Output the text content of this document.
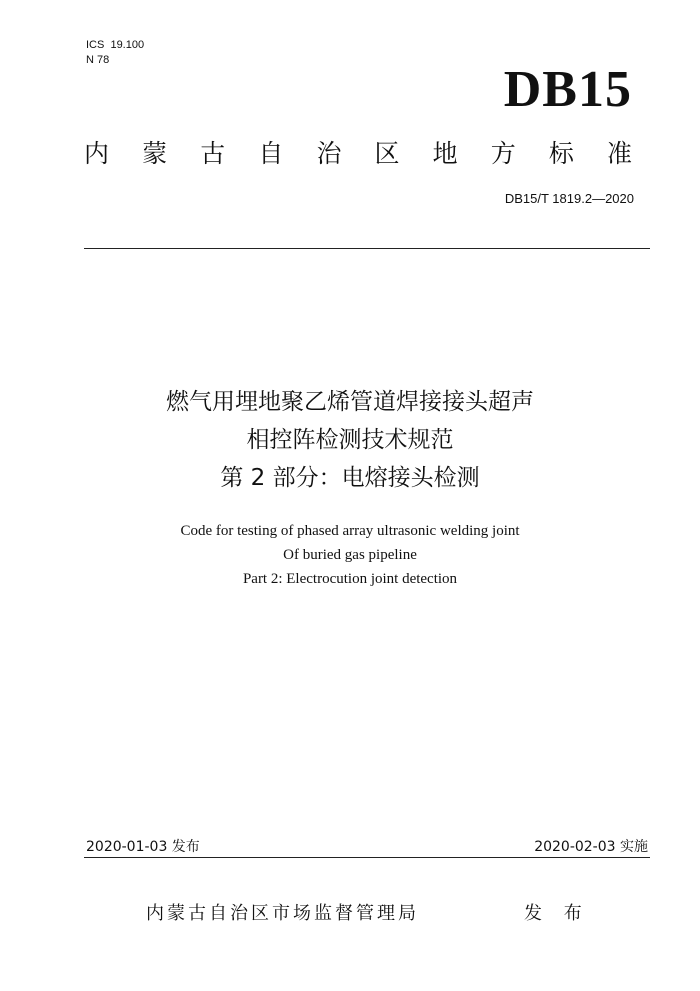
ICS  19.100
N 78
DB15
内 蒙 古 自 治 区 地 方 标 准
DB15/T 1819.2—2020
燃气用埋地聚乙烯管道焊接接头超声
相控阵检测技术规范
第 2 部分：电熔接头检测
Code for testing of phased array ultrasonic welding joint
Of buried gas pipeline
Part 2: Electrocution joint detection
2020-01-03 发布	2020-02-03 实施
内蒙古自治区市场监督管理局	发 布
